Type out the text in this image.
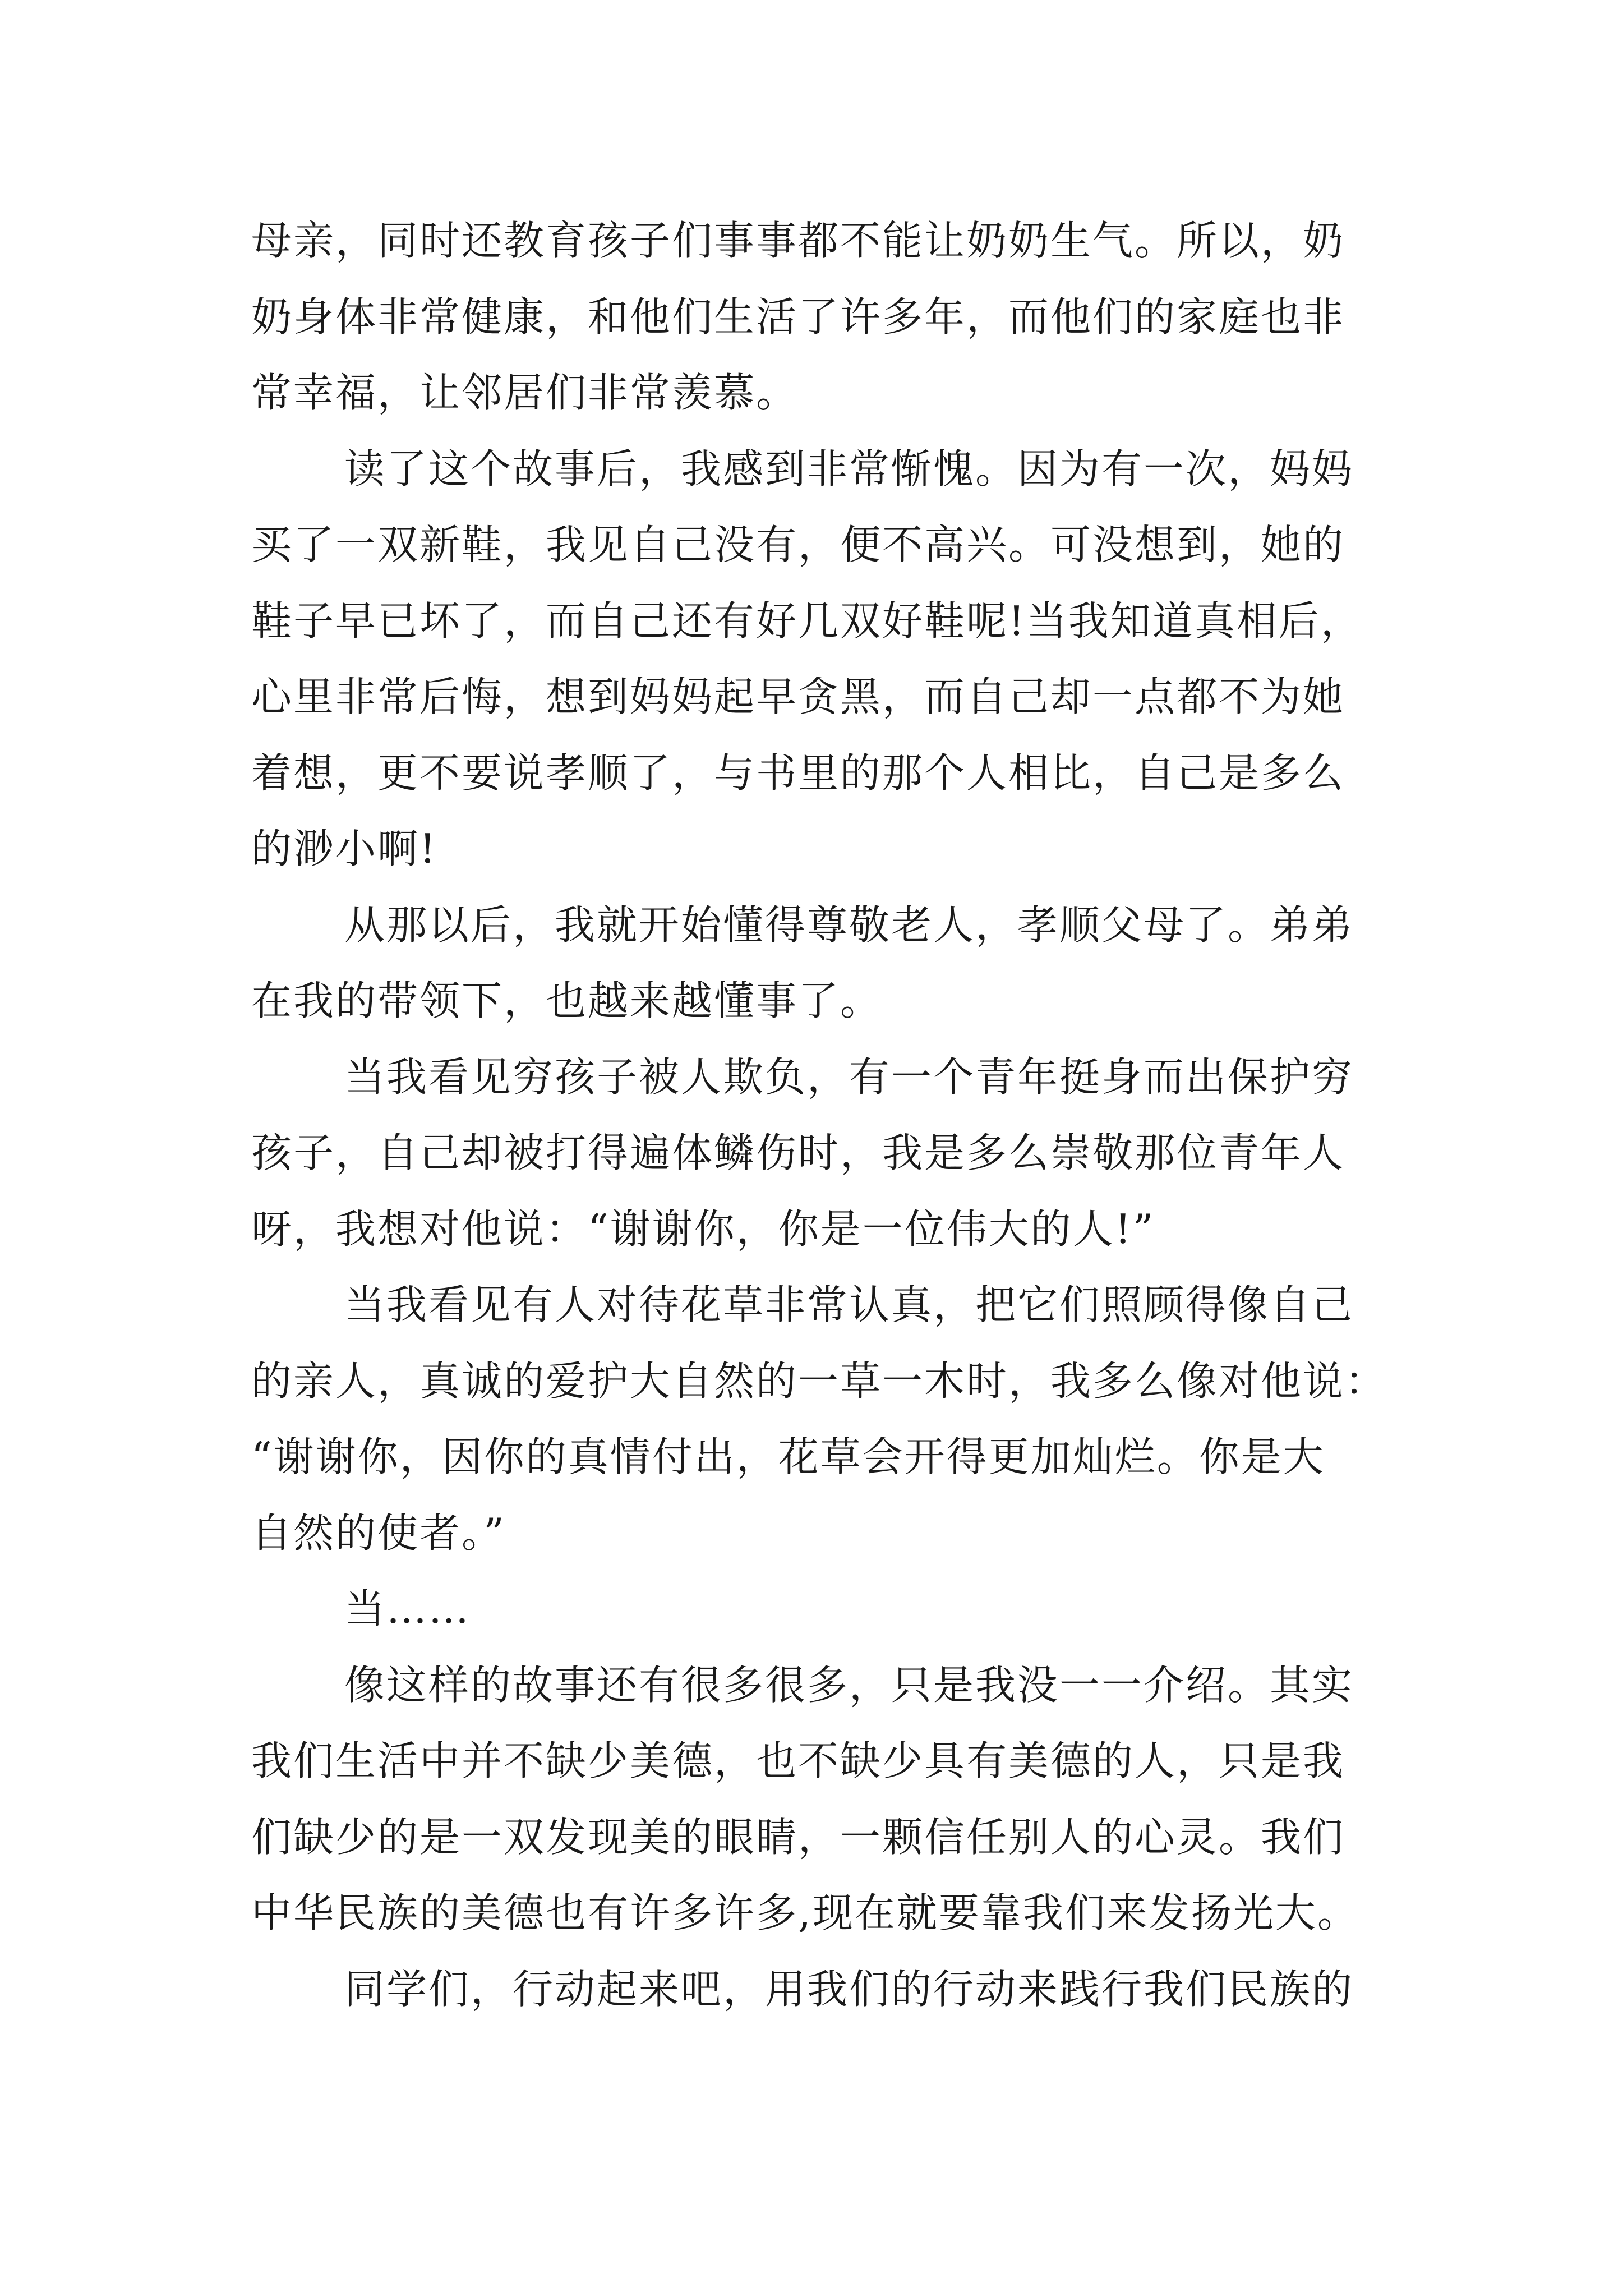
母亲，同时还教育孩子们事事都不能让奶奶生气。所以，奶
奶身体非常健康，和他们生活了许多年，而他们的家庭也非
常幸福，让邻居们非常羡慕。
读了这个故事后，我感到非常惭愧。因为有一次，妈妈
买了一双新鞋，我见自己没有，便不高兴。可没想到，她的
鞋子早已坏了，而自己还有好几双好鞋呢!当我知道真相后，
心里非常后悔，想到妈妈起早贪黑，而自己却一点都不为她
着想，更不要说孝顺了，与书里的那个人相比，自己是多么
的渺小啊!
从那以后，我就开始懂得尊敬老人，孝顺父母了。弟弟
在我的带领下，也越来越懂事了。
当我看见穷孩子被人欺负，有一个青年挺身而出保护穷
孩子，自己却被打得遍体鳞伤时，我是多么崇敬那位青年人
呀，我想对他说：“谢谢你，你是一位伟大的人!”
当我看见有人对待花草非常认真，把它们照顾得像自己
的亲人，真诚的爱护大自然的一草一木时，我多么像对他说：
“谢谢你，因你的真情付出，花草会开得更加灿烂。你是大
自然的使者。”
当……
像这样的故事还有很多很多，只是我没一一介绍。其实
我们生活中并不缺少美德，也不缺少具有美德的人，只是我
们缺少的是一双发现美的眼睛，一颗信任别人的心灵。我们
中华民族的美德也有许多许多,现在就要靠我们来发扬光大。
同学们，行动起来吧，用我们的行动来践行我们民族的
